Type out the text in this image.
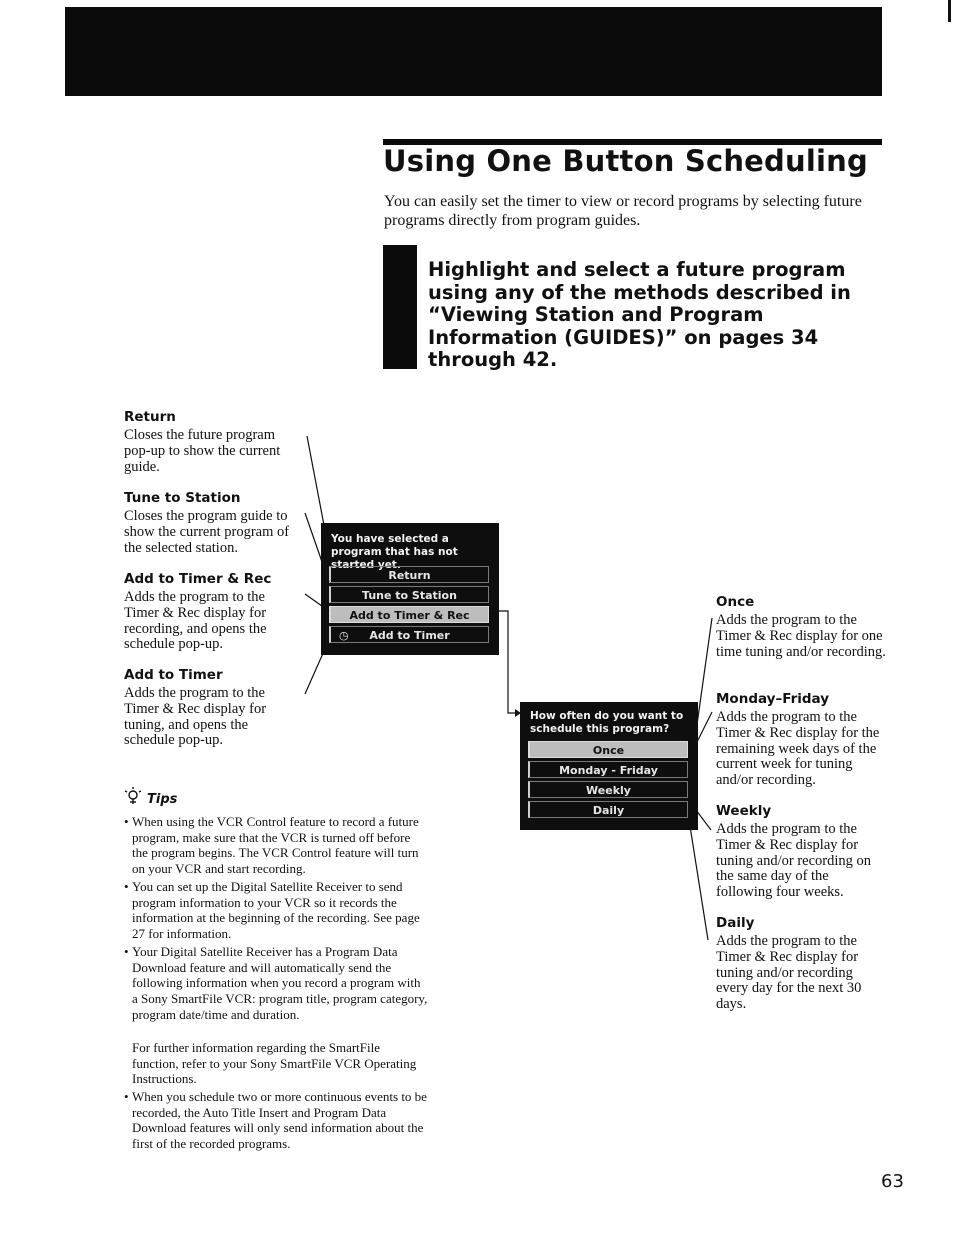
Using One Button Scheduling
You can easily set the timer to view or record programs by selecting future programs directly from program guides.
Highlight and select a future program using any of the methods described in “Viewing Station and Program Information (GUIDES)” on pages 34 through 42.
Return
Closes the future program pop-up to show the current guide.
Tune to Station
Closes the program guide to show the current program of the selected station.
Add to Timer & Rec
Adds the program to the Timer & Rec display for recording, and opens the schedule pop-up.
Add to Timer
Adds the program to the Timer & Rec display for tuning, and opens the schedule pop-up.
You have selected a program that has not started yet.
Return
Tune to Station
Add to Timer & Rec
◷ Add to Timer
How often do you want to schedule this program?
Once
Monday - Friday
Weekly
Daily
Once
Adds the program to the Timer & Rec display for one time tuning and/or recording.
Monday–Friday
Adds the program to the Timer & Rec display for the remaining week days of the current week for tuning and/or recording.
Weekly
Adds the program to the Timer & Rec display for tuning and/or recording on the same day of the following four weeks.
Daily
Adds the program to the Timer & Rec display for tuning and/or recording every day for the next 30 days.
Tips
• When using the VCR Control feature to record a future program, make sure that the VCR is turned off before the program begins. The VCR Control feature will turn on your VCR and start recording.
• You can set up the Digital Satellite Receiver to send program information to your VCR so it records the information at the beginning of the recording. See page 27 for information.
• Your Digital Satellite Receiver has a Program Data Download feature and will automatically send the following information when you record a program with a Sony SmartFile VCR: program title, program category, program date/time and duration.
For further information regarding the SmartFile function, refer to your Sony SmartFile VCR Operating Instructions.
• When you schedule two or more continuous events to be recorded, the Auto Title Insert and Program Data Download features will only send information about the first of the recorded programs.
63
